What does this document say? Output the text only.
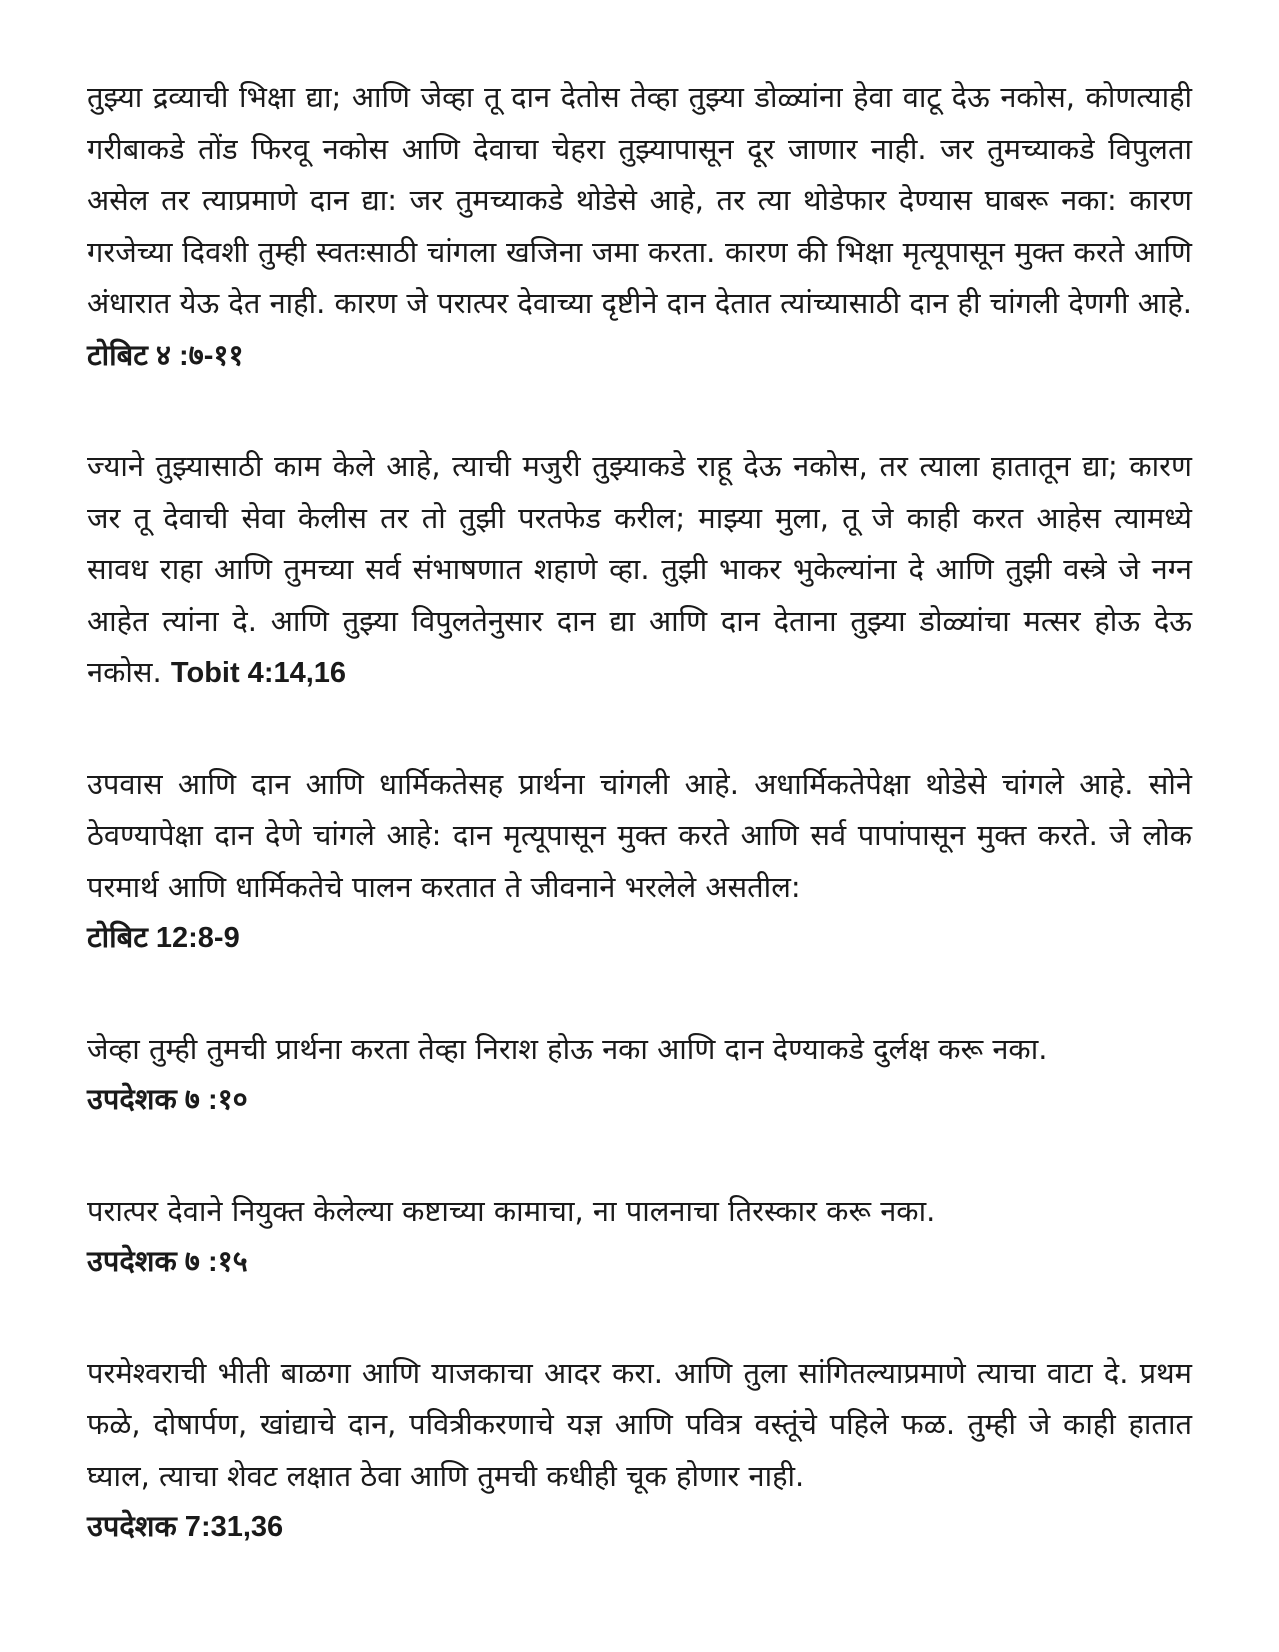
तुझ्या द्रव्याची भिक्षा द्या; आणि जेव्हा तू दान देतोस तेव्हा तुझ्या डोळ्यांना हेवा वाटू देऊ नकोस, कोणत्याही गरीबाकडे तोंड फिरवू नकोस आणि देवाचा चेहरा तुझ्यापासून दूर जाणार नाही. जर तुमच्याकडे विपुलता असेल तर त्याप्रमाणे दान द्या: जर तुमच्याकडे थोडेसे आहे, तर त्या थोडेफार देण्यास घाबरू नका: कारण गरजेच्या दिवशी तुम्ही स्वतःसाठी चांगला खजिना जमा करता. कारण की भिक्षा मृत्यूपासून मुक्त करते आणि अंधारात येऊ देत नाही. कारण जे परात्पर देवाच्या दृष्टीने दान देतात त्यांच्यासाठी दान ही चांगली देणगी आहे. टोबिट ४ :७-११

ज्याने तुझ्यासाठी काम केले आहे, त्याची मजुरी तुझ्याकडे राहू देऊ नकोस, तर त्याला हातातून द्या; कारण जर तू देवाची सेवा केलीस तर तो तुझी परतफेड करील; माझ्या मुला, तू जे काही करत आहेस त्यामध्ये सावध राहा आणि तुमच्या सर्व संभाषणात शहाणे व्हा. तुझी भाकर भुकेल्यांना दे आणि तुझी वस्त्रे जे नग्न आहेत त्यांना दे. आणि तुझ्या विपुलतेनुसार दान द्या आणि दान देताना तुझ्या डोळ्यांचा मत्सर होऊ देऊ नकोस. Tobit 4:14,16

उपवास आणि दान आणि धार्मिकतेसह प्रार्थना चांगली आहे. अधार्मिकतेपेक्षा थोडेसे चांगले आहे. सोने ठेवण्यापेक्षा दान देणे चांगले आहे: दान मृत्यूपासून मुक्त करते आणि सर्व पापांपासून मुक्त करते. जे लोक परमार्थ आणि धार्मिकतेचे पालन करतात ते जीवनाने भरलेले असतील:
टोबिट 12:8-9

जेव्हा तुम्ही तुमची प्रार्थना करता तेव्हा निराश होऊ नका आणि दान देण्याकडे दुर्लक्ष करू नका.
उपदेशक ७ :१०

परात्पर देवाने नियुक्त केलेल्या कष्टाच्या कामाचा, ना पालनाचा तिरस्कार करू नका.
उपदेशक ७ :१५

परमेश्वराची भीती बाळगा आणि याजकाचा आदर करा. आणि तुला सांगितल्याप्रमाणे त्याचा वाटा दे. प्रथम फळे, दोषार्पण, खांद्याचे दान, पवित्रीकरणाचे यज्ञ आणि पवित्र वस्तूंचे पहिले फळ. तुम्ही जे काही हातात घ्याल, त्याचा शेवट लक्षात ठेवा आणि तुमची कधीही चूक होणार नाही.
उपदेशक 7:31,36
